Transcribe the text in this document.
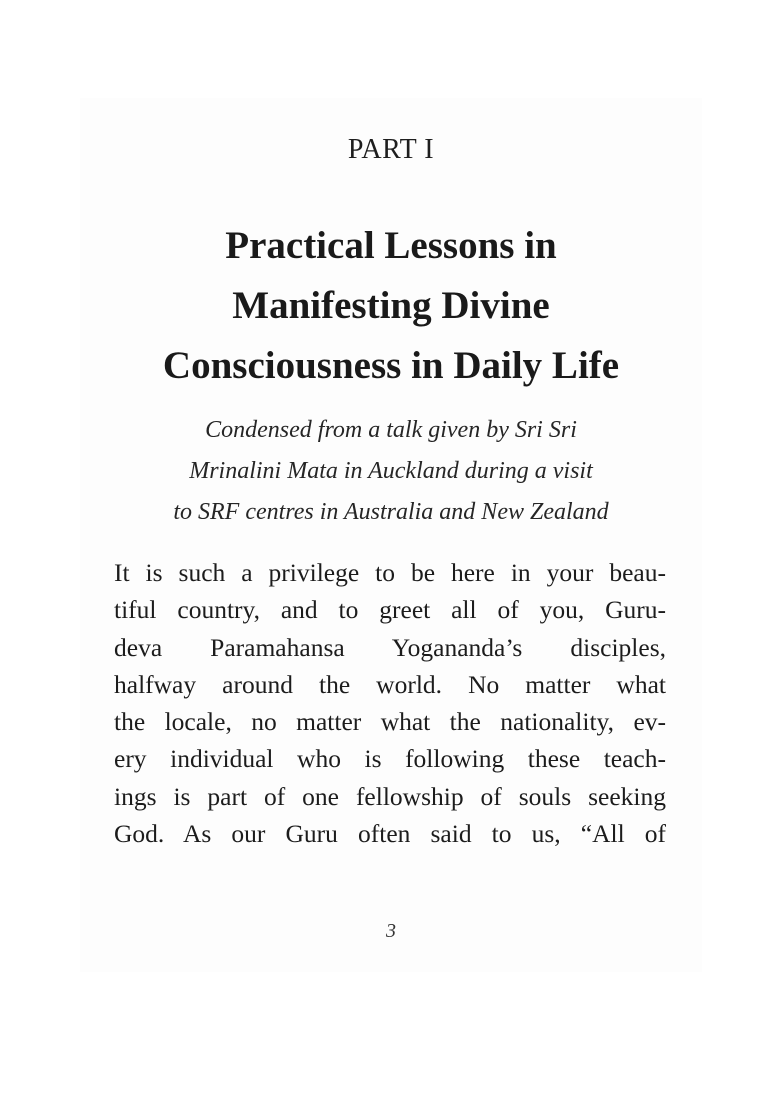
PART I
Practical Lessons in
Manifesting Divine
Consciousness in Daily Life
Condensed from a talk given by Sri Sri
Mrinalini Mata in Auckland during a visit
to SRF centres in Australia and New Zealand
It is such a privilege to be here in your beau-
tiful country, and to greet all of you, Guru-
deva Paramahansa Yogananda’s disciples,
halfway around the world. No matter what
the locale, no matter what the nationality, ev-
ery individual who is following these teach-
ings is part of one fellowship of souls seeking
God. As our Guru often said to us, “All of
3
